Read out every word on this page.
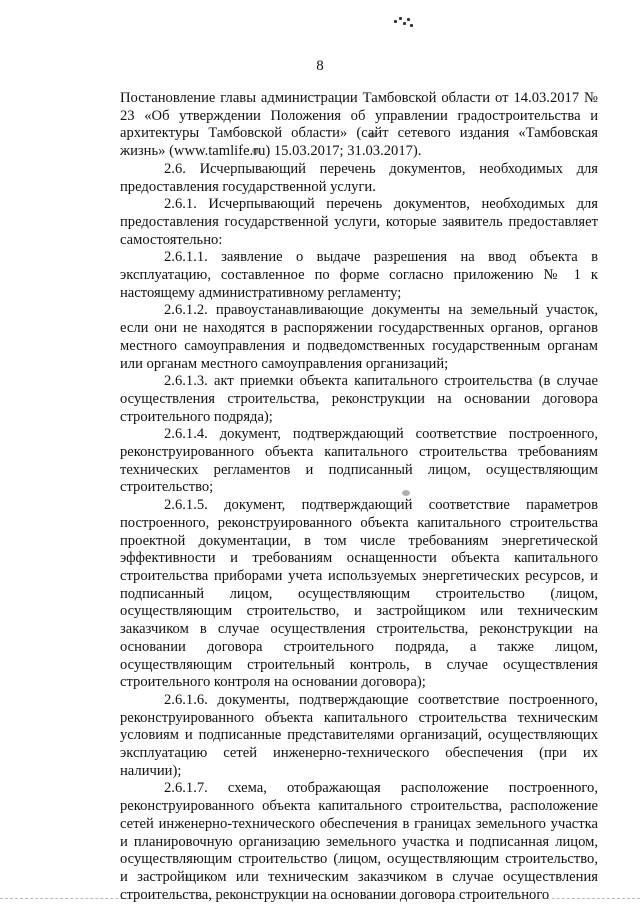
8

Постановление главы администрации Тамбовской области от 14.03.2017 № 23 «Об утверждении Положения об управлении градостроительства и архитектуры Тамбовской области» (сайт сетевого издания «Тамбовская жизнь» (www.tamlife.ru) 15.03.2017; 31.03.2017).

2.6. Исчерпывающий перечень документов, необходимых для предоставления государственной услуги.

2.6.1. Исчерпывающий перечень документов, необходимых для предоставления государственной услуги, которые заявитель предоставляет самостоятельно:

2.6.1.1. заявление о выдаче разрешения на ввод объекта в эксплуатацию, составленное по форме согласно приложению № 1 к настоящему административному регламенту;

2.6.1.2. правоустанавливающие документы на земельный участок, если они не находятся в распоряжении государственных органов, органов местного самоуправления и подведомственных государственным органам или органам местного самоуправления организаций;

2.6.1.3. акт приемки объекта капитального строительства (в случае осуществления строительства, реконструкции на основании договора строительного подряда);

2.6.1.4. документ, подтверждающий соответствие построенного, реконструированного объекта капитального строительства требованиям технических регламентов и подписанный лицом, осуществляющим строительство;

2.6.1.5. документ, подтверждающий соответствие параметров построенного, реконструированного объекта капитального строительства проектной документации, в том числе требованиям энергетической эффективности и требованиям оснащенности объекта капитального строительства приборами учета используемых энергетических ресурсов, и подписанный лицом, осуществляющим строительство (лицом, осуществляющим строительство, и застройщиком или техническим заказчиком в случае осуществления строительства, реконструкции на основании договора строительного подряда, а также лицом, осуществляющим строительный контроль, в случае осуществления строительного контроля на основании договора);

2.6.1.6. документы, подтверждающие соответствие построенного, реконструированного объекта капитального строительства техническим условиям и подписанные представителями организаций, осуществляющих эксплуатацию сетей инженерно-технического обеспечения (при их наличии);

2.6.1.7. схема, отображающая расположение построенного, реконструированного объекта капитального строительства, расположение сетей инженерно-технического обеспечения в границах земельного участка и планировочную организацию земельного участка и подписанная лицом, осуществляющим строительство (лицом, осуществляющим строительство, и застройщиком или техническим заказчиком в случае осуществления строительства, реконструкции на основании договора строительного
